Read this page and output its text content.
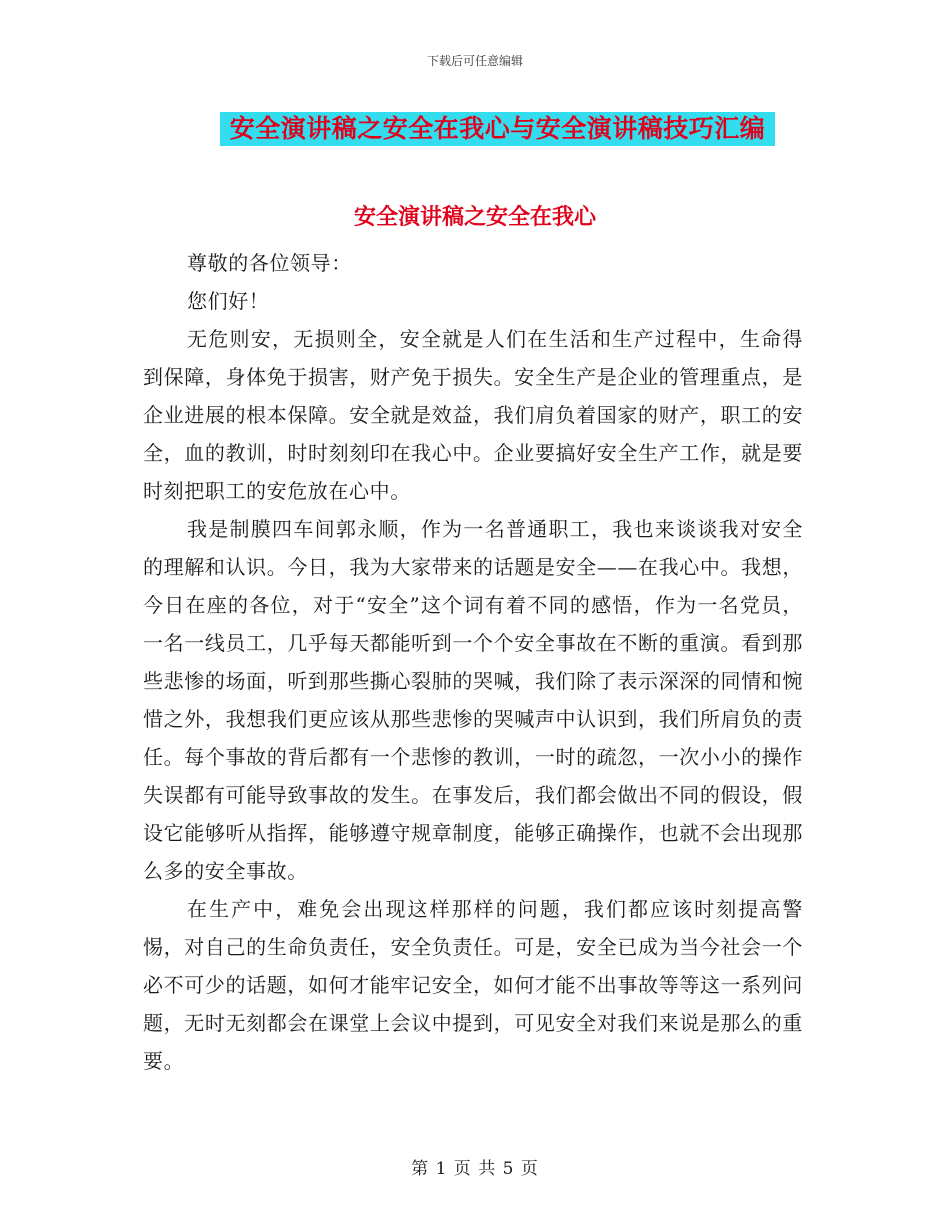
下载后可任意编辑
安全演讲稿之安全在我心与安全演讲稿技巧汇编
安全演讲稿之安全在我心

尊敬的各位领导：

您们好！

无危则安，无损则全，安全就是人们在生活和生产过程中，生命得到保障，身体免于损害，财产免于损失。安全生产是企业的管理重点，是企业进展的根本保障。安全就是效益，我们肩负着国家的财产，职工的安全，血的教训，时时刻刻印在我心中。企业要搞好安全生产工作，就是要时刻把职工的安危放在心中。

我是制膜四车间郭永顺，作为一名普通职工，我也来谈谈我对安全的理解和认识。今日，我为大家带来的话题是安全——在我心中。我想，今日在座的各位，对于“安全”这个词有着不同的感悟，作为一名党员，一名一线员工，几乎每天都能听到一个个安全事故在不断的重演。看到那些悲惨的场面，听到那些撕心裂肺的哭喊，我们除了表示深深的同情和惋惜之外，我想我们更应该从那些悲惨的哭喊声中认识到，我们所肩负的责任。每个事故的背后都有一个悲惨的教训，一时的疏忽，一次小小的操作失误都有可能导致事故的发生。在事发后，我们都会做出不同的假设，假设它能够听从指挥，能够遵守规章制度，能够正确操作，也就不会出现那么多的安全事故。

在生产中，难免会出现这样那样的问题，我们都应该时刻提高警惕，对自己的生命负责任，安全负责任。可是，安全已成为当今社会一个必不可少的话题，如何才能牢记安全，如何才能不出事故等等这一系列问题，无时无刻都会在课堂上会议中提到，可见安全对我们来说是那么的重要。

第 1 页 共 5 页
